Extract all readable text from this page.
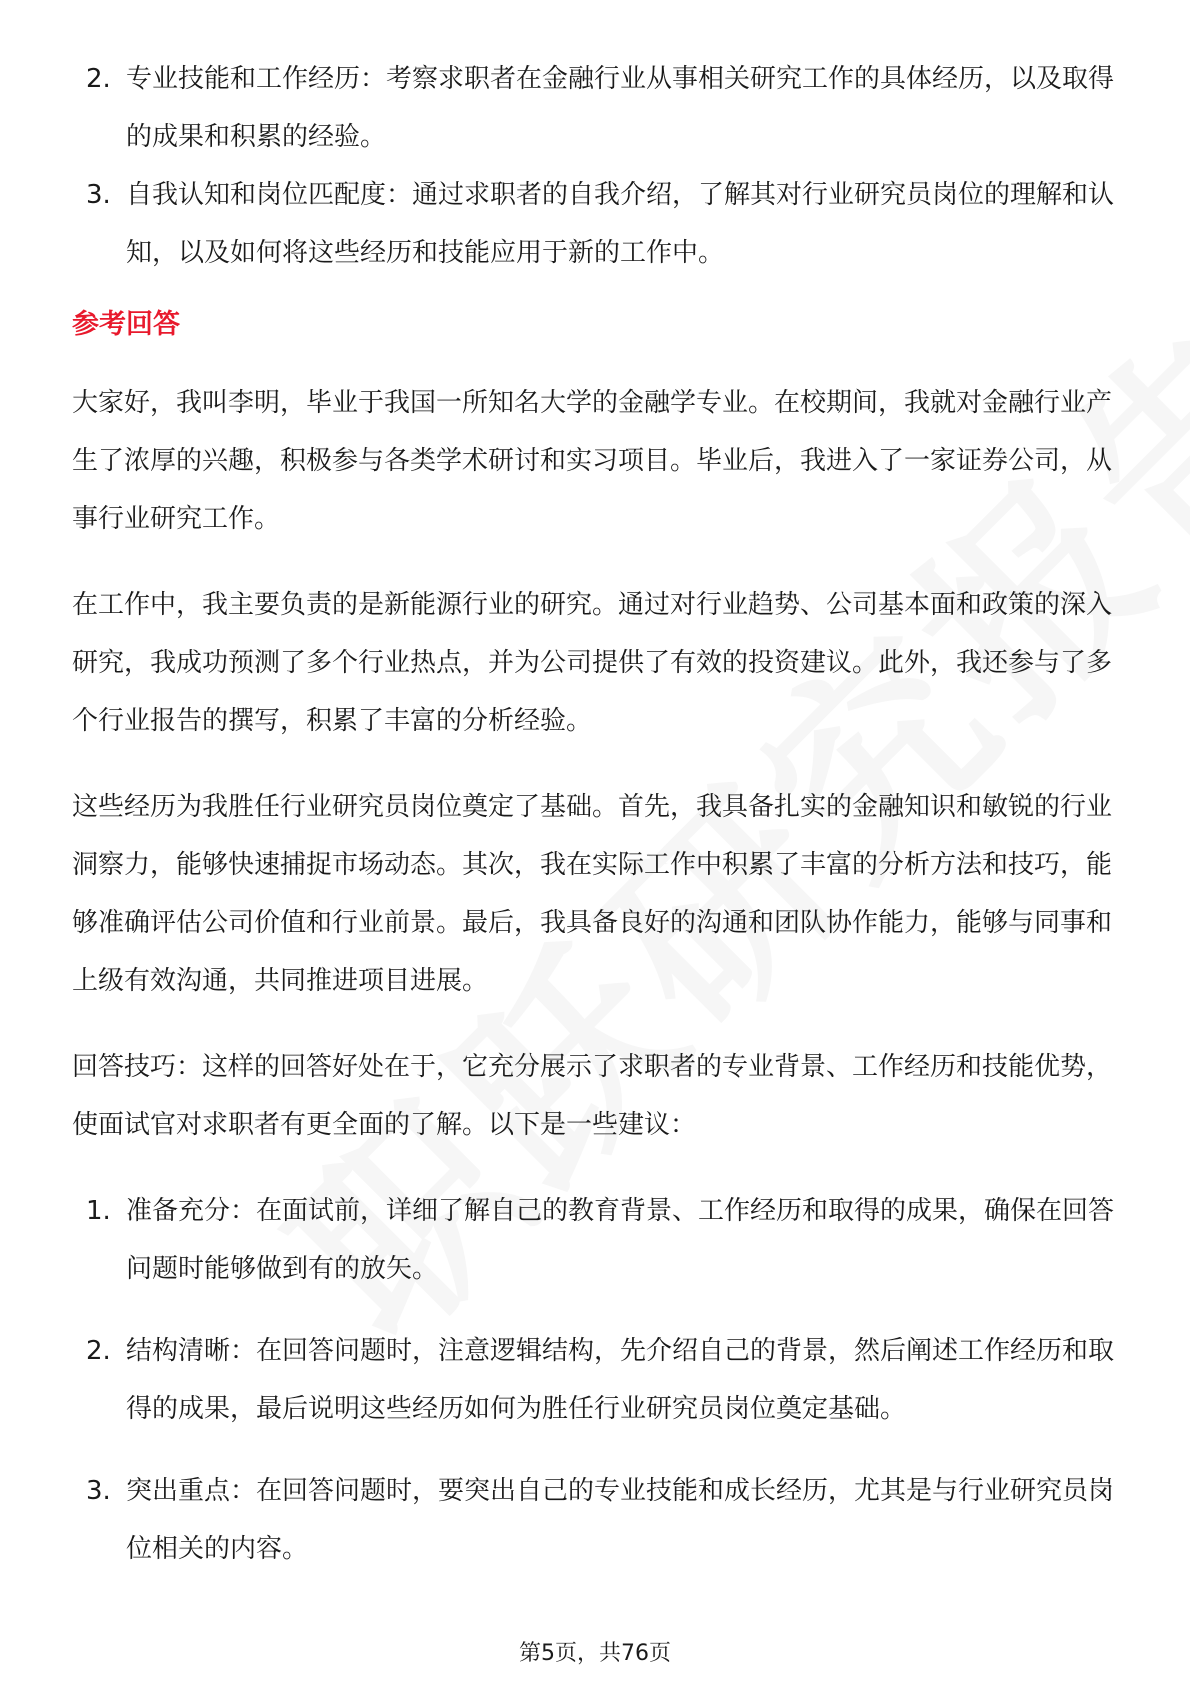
2. 专业技能和工作经历：考察求职者在金融行业从事相关研究工作的具体经历，以及取得的成果和积累的经验。
3. 自我认知和岗位匹配度：通过求职者的自我介绍，了解其对行业研究员岗位的理解和认知，以及如何将这些经历和技能应用于新的工作中。
参考回答

大家好，我叫李明，毕业于我国一所知名大学的金融学专业。在校期间，我就对金融行业产生了浓厚的兴趣，积极参与各类学术研讨和实习项目。毕业后，我进入了一家证券公司，从事行业研究工作。

在工作中，我主要负责的是新能源行业的研究。通过对行业趋势、公司基本面和政策的深入研究，我成功预测了多个行业热点，并为公司提供了有效的投资建议。此外，我还参与了多个行业报告的撰写，积累了丰富的分析经验。

这些经历为我胜任行业研究员岗位奠定了基础。首先，我具备扎实的金融知识和敏锐的行业洞察力，能够快速捕捉市场动态。其次，我在实际工作中积累了丰富的分析方法和技巧，能够准确评估公司价值和行业前景。最后，我具备良好的沟通和团队协作能力，能够与同事和上级有效沟通，共同推进项目进展。

回答技巧：这样的回答好处在于，它充分展示了求职者的专业背景、工作经历和技能优势，使面试官对求职者有更全面的了解。以下是一些建议：

1. 准备充分：在面试前，详细了解自己的教育背景、工作经历和取得的成果，确保在回答问题时能够做到有的放矢。
2. 结构清晰：在回答问题时，注意逻辑结构，先介绍自己的背景，然后阐述工作经历和取得的成果，最后说明这些经历如何为胜任行业研究员岗位奠定基础。
3. 突出重点：在回答问题时，要突出自己的专业技能和成长经历，尤其是与行业研究员岗位相关的内容。
第5页，共76页
